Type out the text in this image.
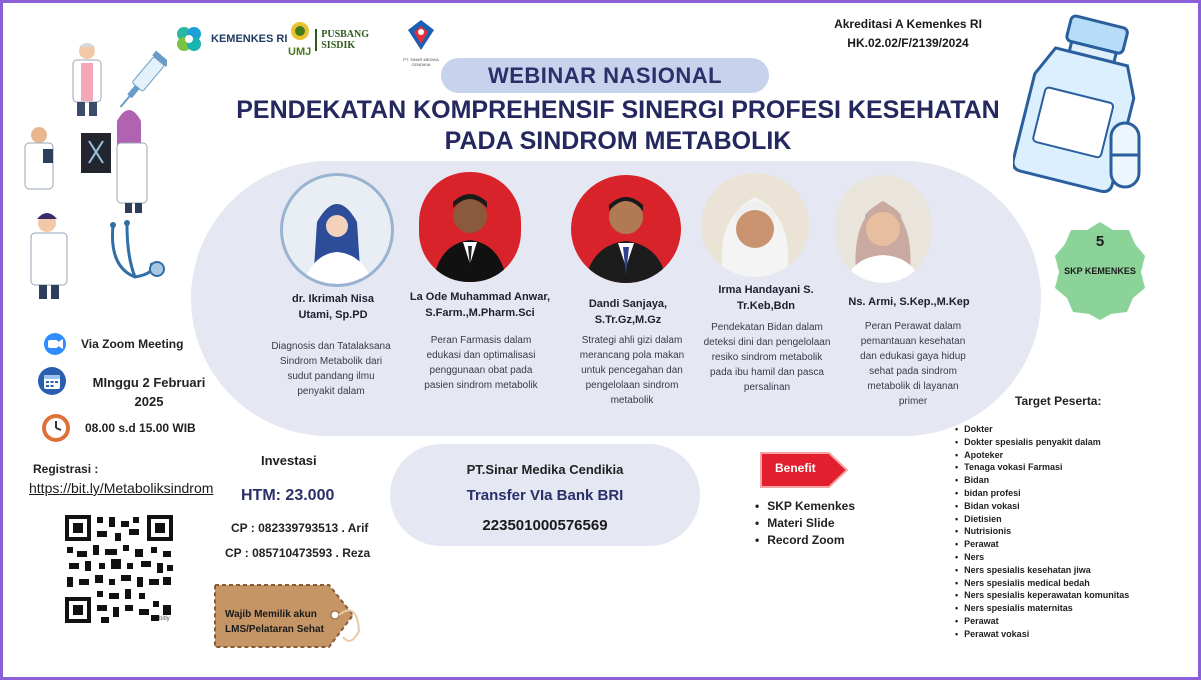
KEMENKES RI
UMJ
PUSBANG
SISDIK
PT. SINAR MEDIKA CENDIKIA
Akreditasi A Kemenkes RI
HK.02.02/F/2139/2024
WEBINAR NASIONAL
PENDEKATAN KOMPREHENSIF SINERGI PROFESI KESEHATAN
PADA SINDROM METABOLIK
dr. Ikrimah Nisa
Utami, Sp.PD
Diagnosis dan Tatalaksana
Sindrom Metabolik dari
sudut pandang ilmu
penyakit dalam
La Ode Muhammad Anwar,
S.Farm.,M.Pharm.Sci
Peran Farmasis dalam
edukasi dan optimalisasi
penggunaan obat pada
pasien sindrom metabolik
Dandi Sanjaya,
S.Tr.Gz,M.Gz
Strategi ahli gizi dalam
merancang pola makan
untuk pencegahan dan
pengelolaan sindrom
metabolik
Irma Handayani S.
Tr.Keb,Bdn
Pendekatan Bidan dalam
deteksi dini dan pengelolaan
resiko sindrom metabolik
pada ibu hamil dan pasca
persalinan
Ns. Armi, S.Kep.,M.Kep
Peran Perawat dalam
pemantauan kesehatan
dan edukasi gaya hidup
sehat pada sindrom
metabolik di layanan
primer
5
SKP KEMENKES
Via Zoom Meeting
MInggu 2 Februari
2025
08.00 s.d 15.00 WIB
Registrasi :
https://bit.ly/Metaboliksindrom
bitly
Investasi
HTM: 23.000
CP : 082339793513 . Arif
CP : 085710473593 . Reza
Wajib Memilik akun
LMS/Pelataran Sehat
PT.Sinar Medika Cendikia
Transfer VIa Bank BRI
223501000576569
Benefit
• SKP Kemenkes
• Materi Slide
• Record Zoom
Target Peserta:
• Dokter
• Dokter spesialis penyakit dalam
• Apoteker
• Tenaga vokasi Farmasi
• Bidan
• bidan profesi
• Bidan vokasi
• Dietisien
• Nutrisionis
• Perawat
• Ners
• Ners spesialis kesehatan jiwa
• Ners spesialis medical bedah
• Ners spesialis keperawatan komunitas
• Ners spesialis maternitas
• Perawat
• Perawat vokasi
